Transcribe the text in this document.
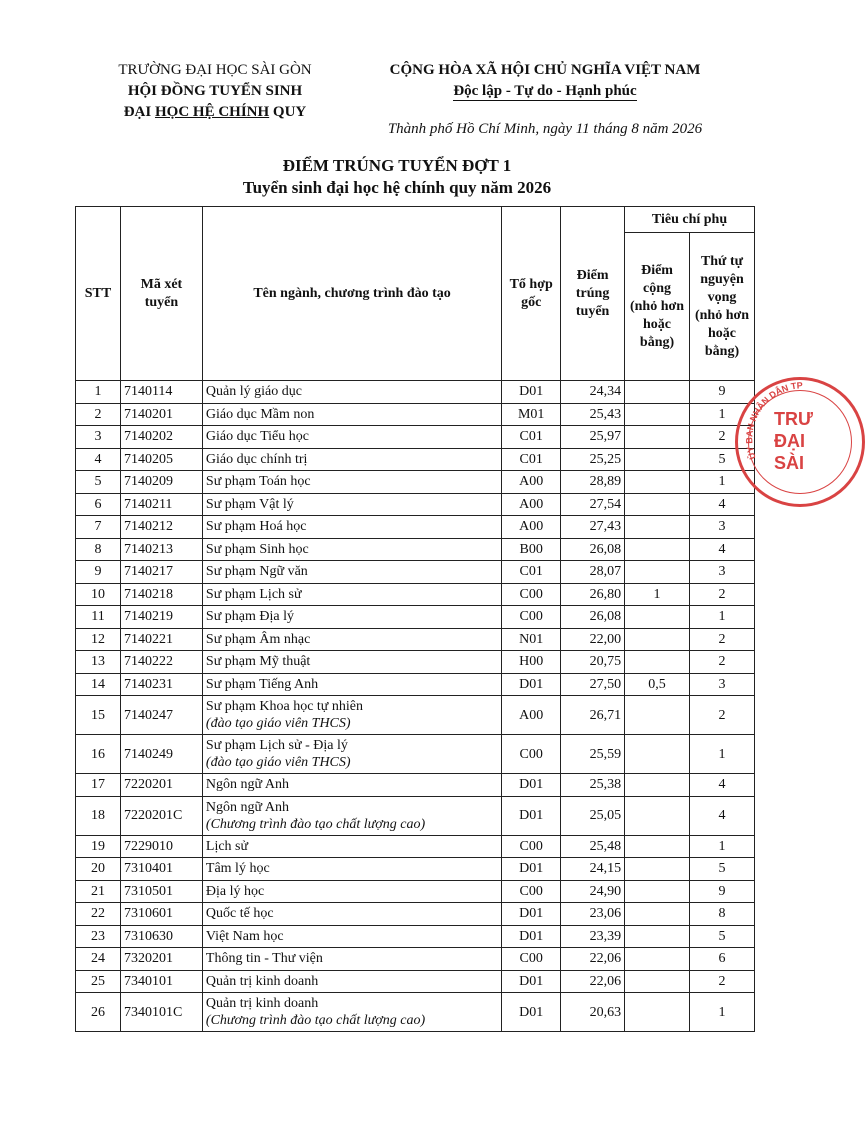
TRƯỜNG ĐẠI HỌC SÀI GÒN
HỘI ĐỒNG TUYỂN SINH
ĐẠI HỌC HỆ CHÍNH QUY
CỘNG HÒA XÃ HỘI CHỦ NGHĨA VIỆT NAM
Độc lập - Tự do - Hạnh phúc
Thành phố Hồ Chí Minh, ngày 11 tháng 8 năm 2026
ĐIỂM TRÚNG TUYỂN ĐỢT 1
Tuyển sinh đại học hệ chính quy năm 2026
STT	Mã xét tuyển	Tên ngành, chương trình đào tạo	Tổ hợp gốc	Điểm trúng tuyển	Tiêu chí phụ	
					Điểm cộng (nhỏ hơn hoặc bằng)	Thứ tự nguyện vọng (nhỏ hơn hoặc bằng)
1	7140114	Quản lý giáo dục	D01	24,34		9
2	7140201	Giáo dục Mầm non	M01	25,43		1
3	7140202	Giáo dục Tiểu học	C01	25,97		2
4	7140205	Giáo dục chính trị	C01	25,25		5
5	7140209	Sư phạm Toán học	A00	28,89		1
6	7140211	Sư phạm Vật lý	A00	27,54		4
7	7140212	Sư phạm Hoá học	A00	27,43		3
8	7140213	Sư phạm Sinh học	B00	26,08		4
9	7140217	Sư phạm Ngữ văn	C01	28,07		3
10	7140218	Sư phạm Lịch sử	C00	26,80	1	2
11	7140219	Sư phạm Địa lý	C00	26,08		1
12	7140221	Sư phạm Âm nhạc	N01	22,00		2
13	7140222	Sư phạm Mỹ thuật	H00	20,75		2
14	7140231	Sư phạm Tiếng Anh	D01	27,50	0,5	3
15	7140247	Sư phạm Khoa học tự nhiên
(đào tạo giáo viên THCS)	A00	26,71		2
16	7140249	Sư phạm Lịch sử - Địa lý
(đào tạo giáo viên THCS)	C00	25,59		1
17	7220201	Ngôn ngữ Anh	D01	25,38		4
18	7220201C	Ngôn ngữ Anh
(Chương trình đào tạo chất lượng cao)	D01	25,05		4
19	7229010	Lịch sử	C00	25,48		1
20	7310401	Tâm lý học	D01	24,15		5
21	7310501	Địa lý học	C00	24,90		9
22	7310601	Quốc tế học	D01	23,06		8
23	7310630	Việt Nam học	D01	23,39		5
24	7320201	Thông tin - Thư viện	C00	22,06		6
25	7340101	Quản trị kinh doanh	D01	22,06		2
26	7340101C	Quản trị kinh doanh
(Chương trình đào tạo chất lượng cao)	D01	20,63		1
ỦY BAN NHÂN DÂN TP
TRƯ
ĐẠI
SÀI
